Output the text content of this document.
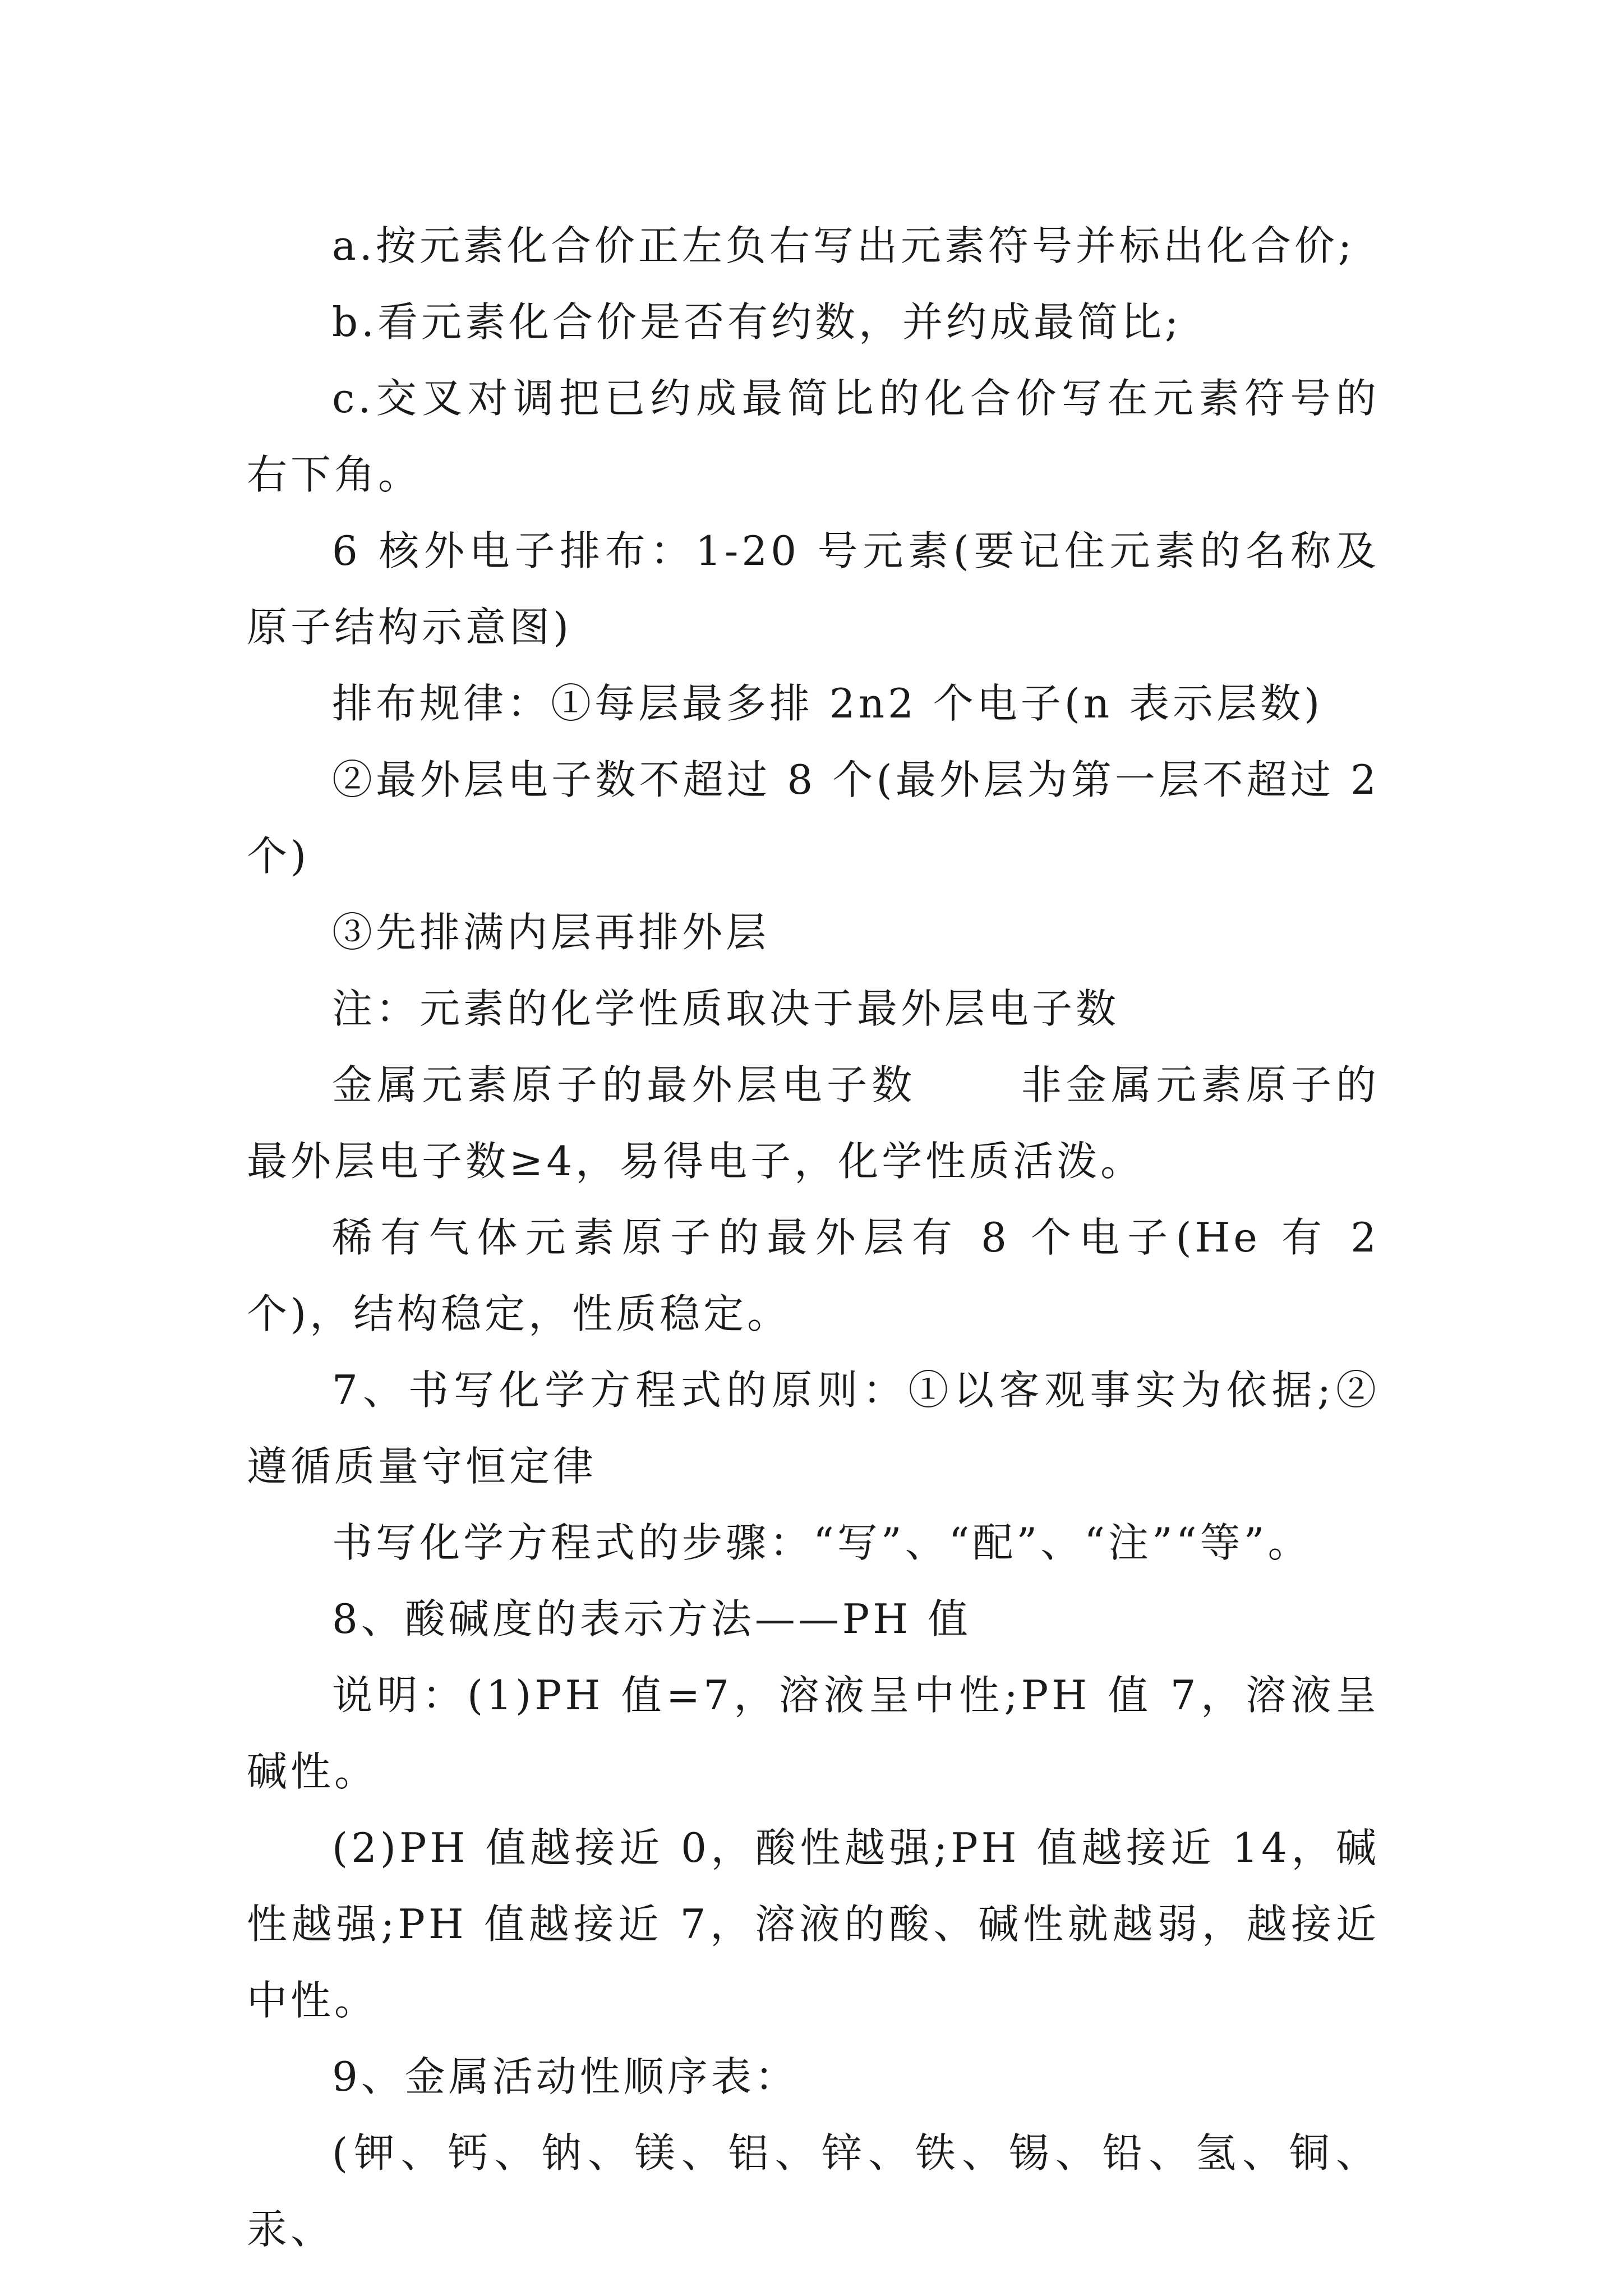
a.按元素化合价正左负右写出元素符号并标出化合价;

b.看元素化合价是否有约数，并约成最简比;

c.交叉对调把已约成最简比的化合价写在元素符号的右下角。

6 核外电子排布：1-20 号元素(要记住元素的名称及原子结构示意图)

排布规律：①每层最多排 2n2 个电子(n 表示层数)

②最外层电子数不超过 8 个(最外层为第一层不超过 2 个)

③先排满内层再排外层

注：元素的化学性质取决于最外层电子数

金属元素原子的最外层电子数      非金属元素原子的最外层电子数≥4，易得电子，化学性质活泼。

稀有气体元素原子的最外层有 8 个电子(He 有 2 个)，结构稳定，性质稳定。

7、书写化学方程式的原则：①以客观事实为依据;②遵循质量守恒定律

书写化学方程式的步骤：“写”、“配”、“注”“等”。

8、酸碱度的表示方法——PH 值

说明：(1)PH 值=7，溶液呈中性;PH 值 7，溶液呈碱性。

(2)PH 值越接近 0，酸性越强;PH 值越接近 14，碱性越强;PH 值越接近 7，溶液的酸、碱性就越弱，越接近中性。

9、金属活动性顺序表：

(钾、钙、钠、镁、铝、锌、铁、锡、铅、氢、铜、汞、
